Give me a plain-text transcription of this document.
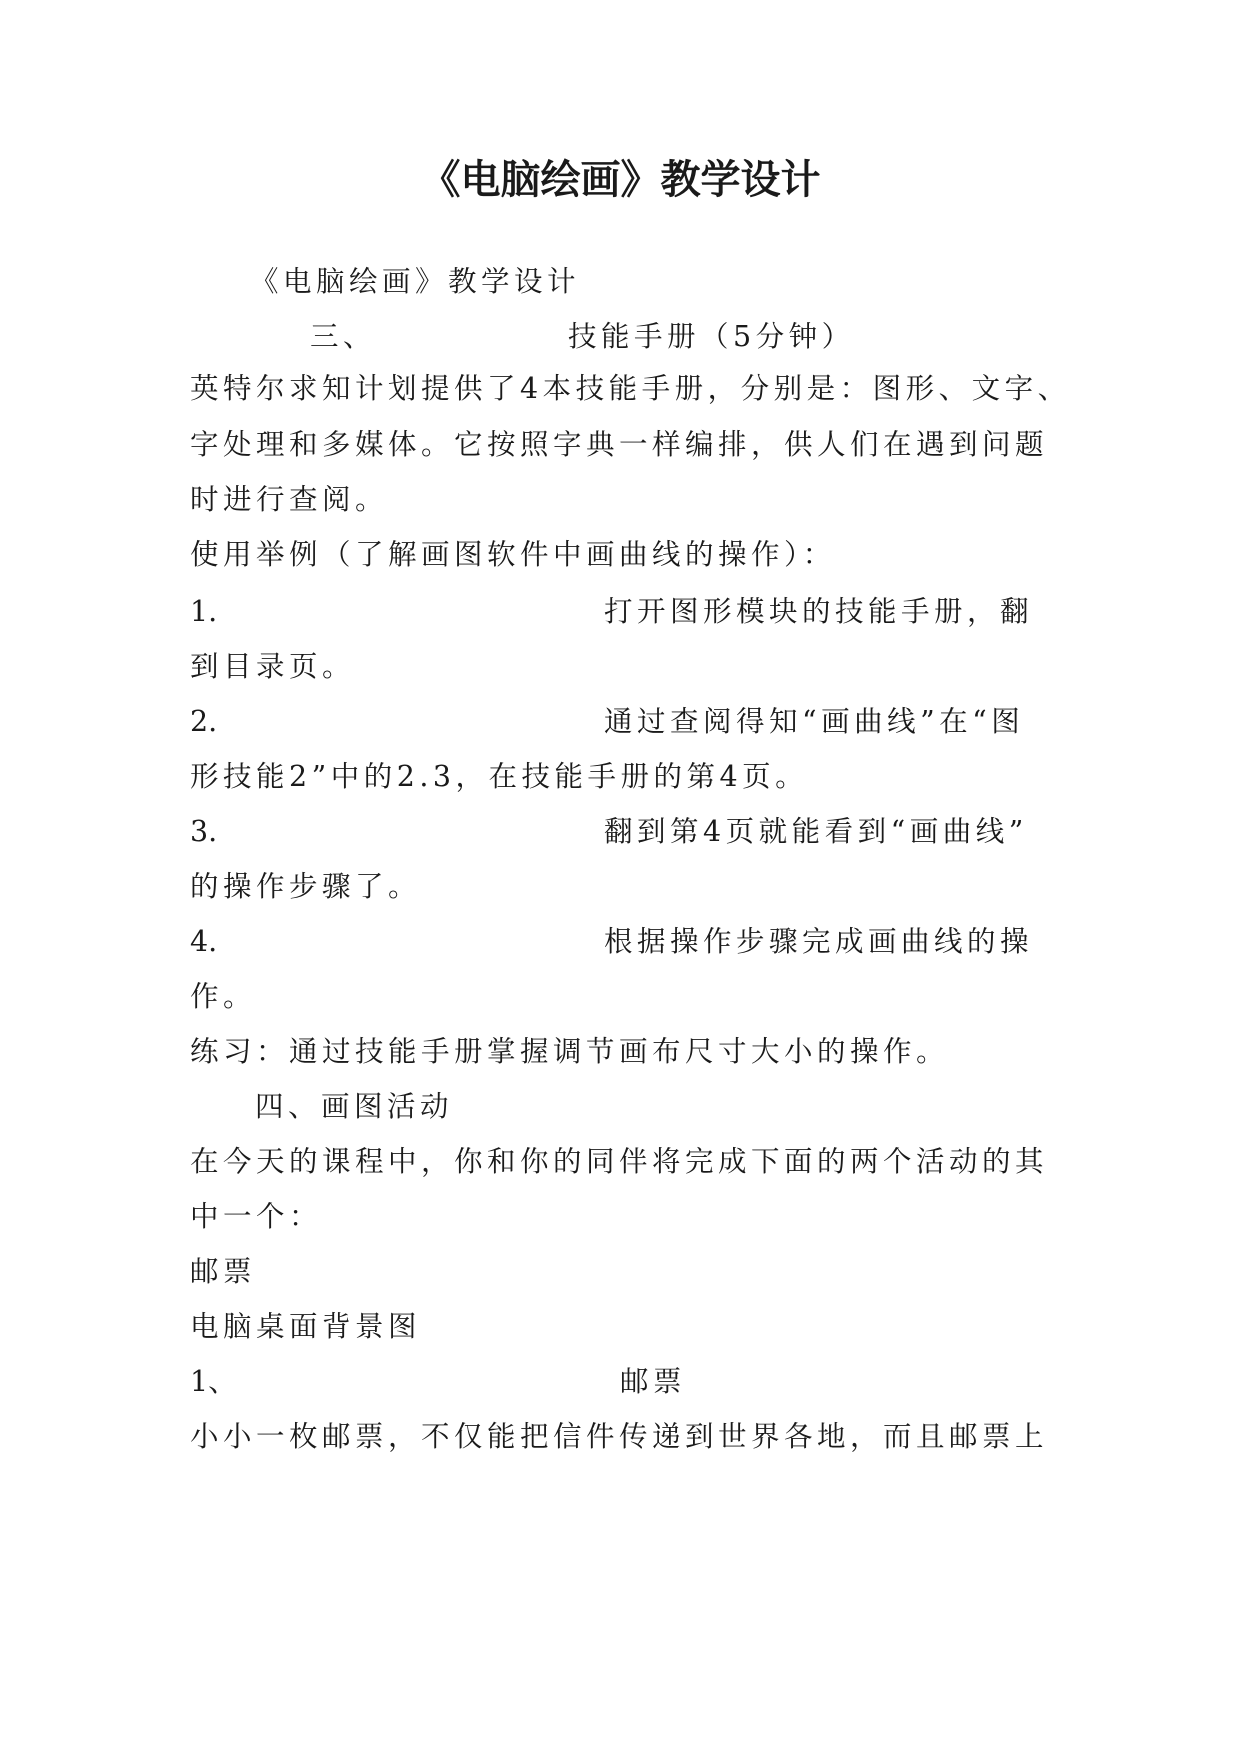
《电脑绘画》教学设计
《电脑绘画》教学设计
三、	技能手册（5分钟）
英特尔求知计划提供了4本技能手册，分别是：图形、文字、
字处理和多媒体。它按照字典一样编排，供人们在遇到问题
时进行查阅。
使用举例（了解画图软件中画曲线的操作）：
1.	打开图形模块的技能手册，翻
到目录页。
2.	通过查阅得知“画曲线”在“图
形技能2”中的2.3，在技能手册的第4页。
3.	翻到第4页就能看到“画曲线”
的操作步骤了。
4.	根据操作步骤完成画曲线的操
作。
练习：通过技能手册掌握调节画布尺寸大小的操作。
四、画图活动
在今天的课程中，你和你的同伴将完成下面的两个活动的其
中一个：
邮票
电脑桌面背景图
1、	邮票
小小一枚邮票，不仅能把信件传递到世界各地，而且邮票上
